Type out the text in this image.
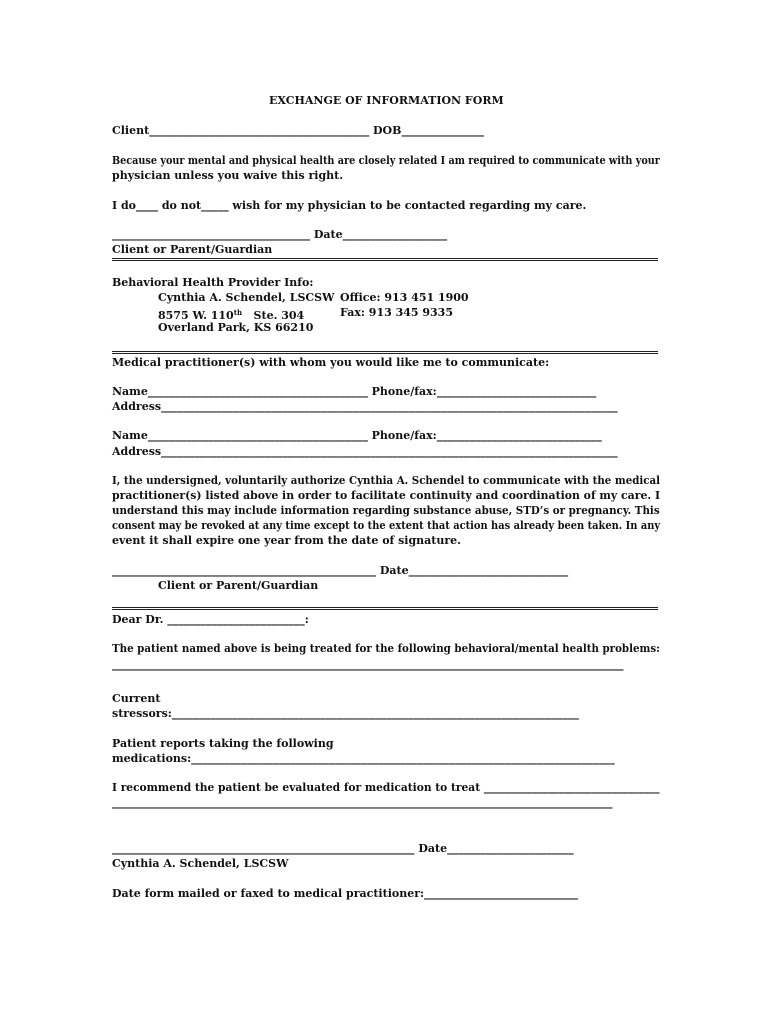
EXCHANGE OF INFORMATION FORM
Client________________________________________ DOB_______________
Because your mental and physical health are closely related I am required to communicate with your
physician unless you waive this right.
I do____ do not_____ wish for my physician to be contacted regarding my care.
____________________________________ Date___________________
Client or Parent/Guardian
Behavioral Health Provider Info:
Cynthia A. Schendel, LSCSW Office: 913 451 1900
8575 W. 110th Ste. 304	Fax: 913 345 9335
Overland Park, KS 66210
Medical practitioner(s) with whom you would like me to communicate:
Name________________________________________ Phone/fax:_____________________________
Address___________________________________________________________________________________
Name________________________________________ Phone/fax:______________________________
Address___________________________________________________________________________________
I, the undersigned, voluntarily authorize Cynthia A. Schendel to communicate with the medical
practitioner(s) listed above in order to facilitate continuity and coordination of my care. I
understand this may include information regarding substance abuse, STD’s or pregnancy. This
consent may be revoked at any time except to the extent that action has already been taken. In any
event it shall expire one year from the date of signature.
________________________________________________ Date_____________________________
Client or Parent/Guardian
Dear Dr. _________________________:
The patient named above is being treated for the following behavioral/mental health problems:
_____________________________________________________________________________________________
Current
stressors:__________________________________________________________________________
Patient reports taking the following
medications:_____________________________________________________________________________
I recommend the patient be evaluated for medication to treat _________________________________
___________________________________________________________________________________________
_______________________________________________________ Date_______________________
Cynthia A. Schendel, LSCSW
Date form mailed or faxed to medical practitioner:____________________________
